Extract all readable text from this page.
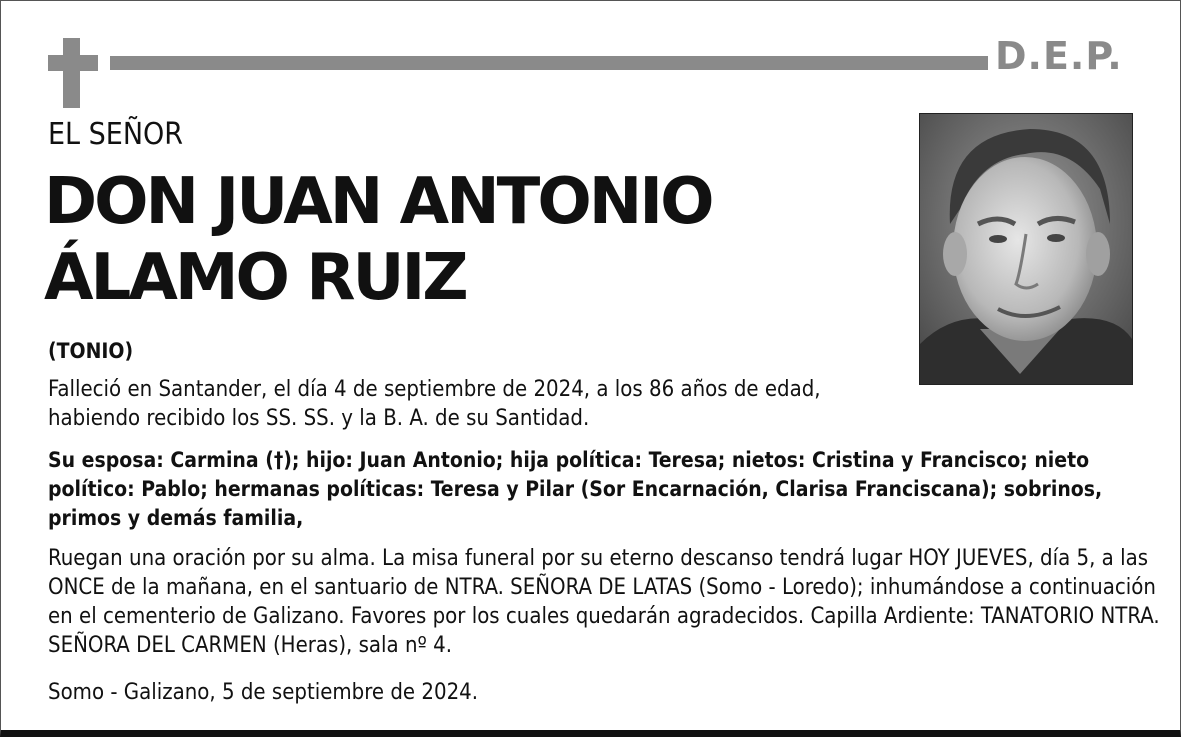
D.E.P.
EL SEÑOR
DON JUAN ANTONIO
ÁLAMO RUIZ
(TONIO)
Falleció en Santander, el día 4 de septiembre de 2024, a los 86 años de edad,
habiendo recibido los SS. SS. y la B. A. de su Santidad.
Su esposa: Carmina (†); hijo: Juan Antonio; hija política: Teresa; nietos: Cristina y Francisco; nieto político: Pablo; hermanas políticas: Teresa y Pilar (Sor Encarnación, Clarisa Franciscana); sobrinos, primos y demás familia,
Ruegan una oración por su alma. La misa funeral por su eterno descanso tendrá lugar HOY JUEVES, día 5, a las ONCE de la mañana, en el santuario de NTRA. SEÑORA DE LATAS (Somo - Loredo); inhumándose a continuación en el cementerio de Galizano. Favores por los cuales quedarán agradecidos. Capilla Ardiente: TANATORIO NTRA. SEÑORA DEL CARMEN (Heras), sala nº 4.
Somo - Galizano, 5 de septiembre de 2024.
